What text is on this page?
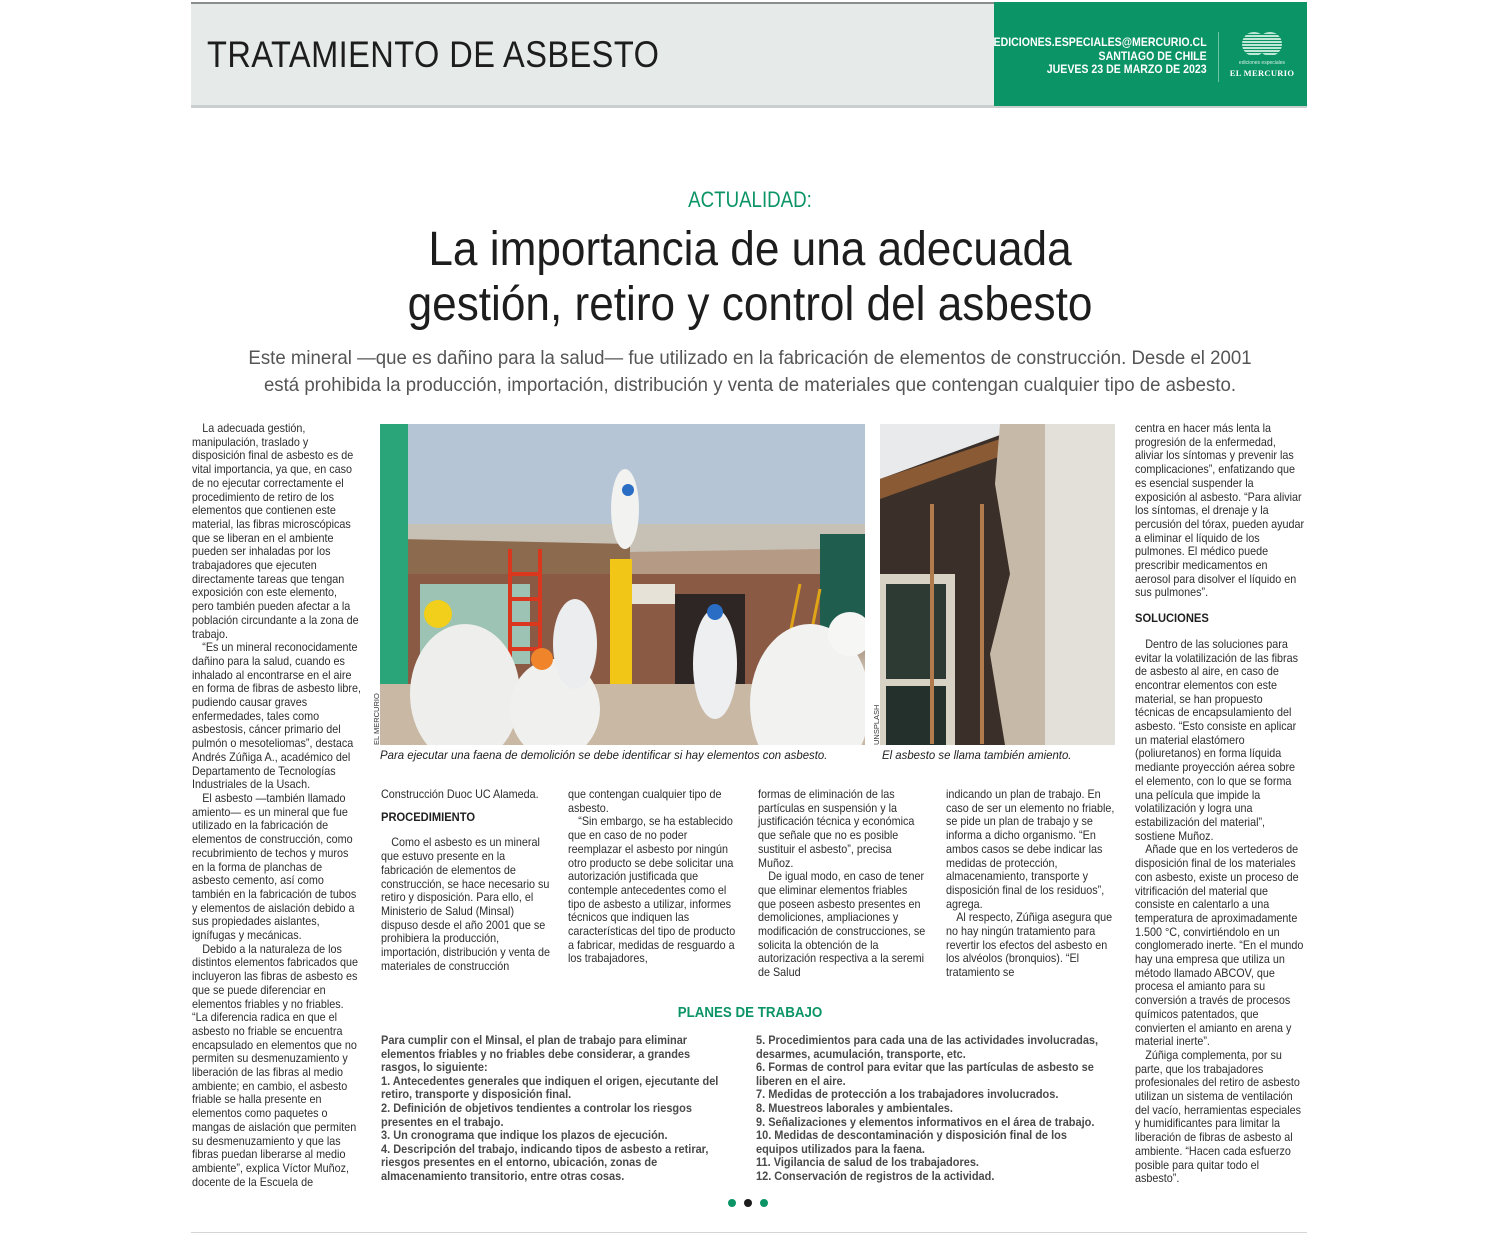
TRATAMIENTO DE ASBESTO	EDICIONES.ESPECIALES@MERCURIO.CL
SANTIAGO DE CHILE
JUEVES 23 DE MARZO DE 2023
ediciones especiales
EL MERCURIO
ACTUALIDAD:
La importancia de una adecuada
gestión, retiro y control del asbesto
Este mineral —que es dañino para la salud— fue utilizado en la fabricación de elementos de construcción. Desde el 2001
está prohibida la producción, importación, distribución y venta de materiales que contengan cualquier tipo de asbesto.

La adecuada gestión, manipulación, traslado y disposición final de asbesto es de vital importancia, ya que, en caso de no ejecutar correctamente el procedimiento de retiro de los elementos que contienen este material, las fibras microscópicas que se liberan en el ambiente pueden ser inhaladas por los trabajadores que ejecuten directamente tareas que tengan exposición con este elemento, pero también pueden afectar a la población circundante a la zona de trabajo.

“Es un mineral reconocidamente dañino para la salud, cuando es inhalado al encontrarse en el aire en forma de fibras de asbesto libre, pudiendo causar graves enfermedades, tales como asbestosis, cáncer primario del pulmón o mesoteliomas”, destaca Andrés Zúñiga A., académico del Departamento de Tecnologías Industriales de la Usach.

El asbesto —también llamado amiento— es un mineral que fue utilizado en la fabricación de elementos de construcción, como recubrimiento de techos y muros en la forma de planchas de asbesto cemento, así como también en la fabricación de tubos y elementos de aislación debido a sus propiedades aislantes, ignífugas y mecánicas.

Debido a la naturaleza de los distintos elementos fabricados que incluyeron las fibras de asbesto es que se puede diferenciar en elementos friables y no friables. “La diferencia radica en que el asbesto no friable se encuentra encapsulado en elementos que no permiten su desmenuzamiento y liberación de las fibras al medio ambiente; en cambio, el asbesto friable se halla presente en elementos como paquetes o mangas de aislación que permiten su desmenuzamiento y que las fibras puedan liberarse al medio ambiente”, explica Víctor Muñoz, docente de la Escuela de

EL MERCURIO
Para ejecutar una faena de demolición se debe identificar si hay elementos con asbesto.
UNSPLASH
El asbesto se llama también amiento.

Construcción Duoc UC Alameda.

PROCEDIMIENTO

Como el asbesto es un mineral que estuvo presente en la fabricación de elementos de construcción, se hace necesario su retiro y disposición. Para ello, el Ministerio de Salud (Minsal) dispuso desde el año 2001 que se prohibiera la producción, importación, distribución y venta de materiales de construcción

que contengan cualquier tipo de asbesto.

“Sin embargo, se ha establecido que en caso de no poder reemplazar el asbesto por ningún otro producto se debe solicitar una autorización justificada que contemple antecedentes como el tipo de asbesto a utilizar, informes técnicos que indiquen las características del tipo de producto a fabricar, medidas de resguardo a los trabajadores,

formas de eliminación de las partículas en suspensión y la justificación técnica y económica que señale que no es posible sustituir el asbesto”, precisa Muñoz.

De igual modo, en caso de tener que eliminar elementos friables que poseen asbesto presentes en demoliciones, ampliaciones y modificación de construcciones, se solicita la obtención de la autorización respectiva a la seremi de Salud

indicando un plan de trabajo. En caso de ser un elemento no friable, se pide un plan de trabajo y se informa a dicho organismo. “En ambos casos se debe indicar las medidas de protección, almacenamiento, transporte y disposición final de los residuos”, agrega.

Al respecto, Zúñiga asegura que no hay ningún tratamiento para revertir los efectos del asbesto en los alvéolos (bronquios). “El tratamiento se

centra en hacer más lenta la progresión de la enfermedad, aliviar los síntomas y prevenir las complicaciones”, enfatizando que es esencial suspender la exposición al asbesto. “Para aliviar los síntomas, el drenaje y la percusión del tórax, pueden ayudar a eliminar el líquido de los pulmones. El médico puede prescribir medicamentos en aerosol para disolver el líquido en sus pulmones”.

SOLUCIONES

Dentro de las soluciones para evitar la volatilización de las fibras de asbesto al aire, en caso de encontrar elementos con este material, se han propuesto técnicas de encapsulamiento del asbesto. “Esto consiste en aplicar un material elastómero (poliuretanos) en forma líquida mediante proyección aérea sobre el elemento, con lo que se forma una película que impide la volatilización y logra una estabilización del material”, sostiene Muñoz.

Añade que en los vertederos de disposición final de los materiales con asbesto, existe un proceso de vitrificación del material que consiste en calentarlo a una temperatura de aproximadamente 1.500 °C, convirtiéndolo en un conglomerado inerte. “En el mundo hay una empresa que utiliza un método llamado ABCOV, que procesa el amianto para su conversión a través de procesos químicos patentados, que convierten el amianto en arena y material inerte”.

Zúñiga complementa, por su parte, que los trabajadores profesionales del retiro de asbesto utilizan un sistema de ventilación del vacío, herramientas especiales y humidificantes para limitar la liberación de fibras de asbesto al ambiente. “Hacen cada esfuerzo posible para quitar todo el asbesto”.

PLANES DE TRABAJO
Para cumplir con el Minsal, el plan de trabajo para eliminar elementos friables y no friables debe considerar, a grandes rasgos, lo siguiente:
1. Antecedentes generales que indiquen el origen, ejecutante del retiro, transporte y disposición final.
2. Definición de objetivos tendientes a controlar los riesgos presentes en el trabajo.
3. Un cronograma que indique los plazos de ejecución.
4. Descripción del trabajo, indicando tipos de asbesto a retirar, riesgos presentes en el entorno, ubicación, zonas de almacenamiento transitorio, entre otras cosas.
5. Procedimientos para cada una de las actividades involucradas, desarmes, acumulación, transporte, etc.
6. Formas de control para evitar que las partículas de asbesto se liberen en el aire.
7. Medidas de protección a los trabajadores involucrados.
8. Muestreos laborales y ambientales.
9. Señalizaciones y elementos informativos en el área de trabajo.
10. Medidas de descontaminación y disposición final de los equipos utilizados para la faena.
11. Vigilancia de salud de los trabajadores.
12. Conservación de registros de la actividad.
